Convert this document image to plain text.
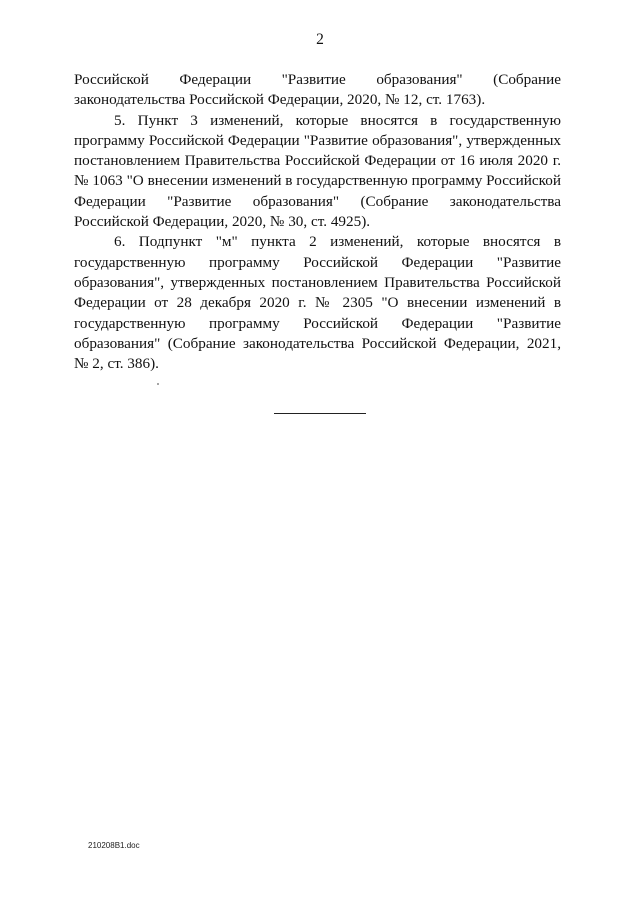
2

Российской Федерации "Развитие образования" (Собрание законодательства Российской Федерации, 2020, № 12, ст. 1763).

5. Пункт 3 изменений, которые вносятся в государственную программу Российской Федерации "Развитие образования", утвержденных постановлением Правительства Российской Федерации от 16 июля 2020 г. № 1063 "О внесении изменений в государственную программу Российской Федерации "Развитие образования" (Собрание законодательства Российской Федерации, 2020, № 30, ст. 4925).

6. Подпункт "м" пункта 2 изменений, которые вносятся в государственную программу Российской Федерации "Развитие образования", утвержденных постановлением Правительства Российской Федерации от 28 декабря 2020 г. № 2305 "О внесении изменений в государственную программу Российской Федерации "Развитие образования" (Собрание законодательства Российской Федерации, 2021, № 2, ст. 386).

210208В1.doc
